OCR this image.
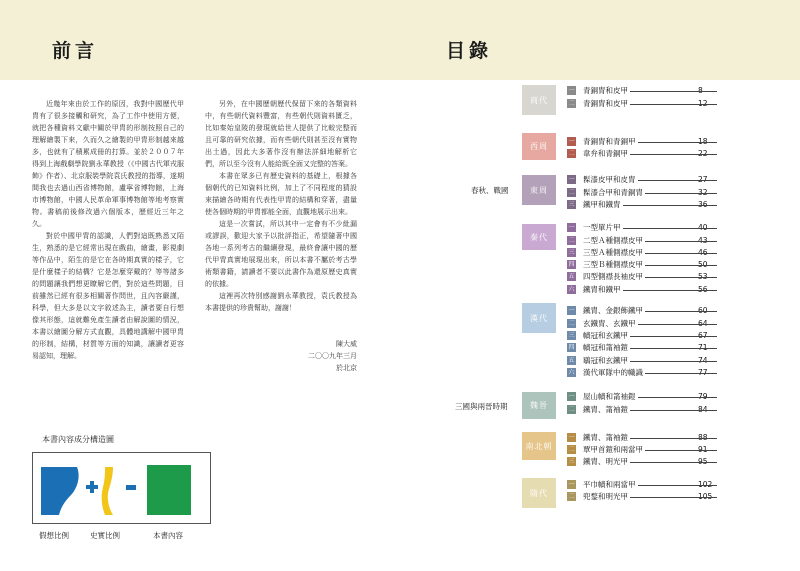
前言	目錄

近幾年來由於工作的原因，我對中國歷代甲胄有了很多接觸和研究，為了工作中使用方便，就把各種資料文獻中關於甲胄的形制按照自己的理解繪製下來，久而久之繪製的甲胄形制越來越多，也就有了積累成冊的打算。並於２００７年得到上海戲劇學院劉永華教授（《中國古代軍戎服飾》作者）、北京服裝學院袁氏教授的指導，遂期間我也去過山西省博物館，盧寧省博物館，上海市博物館，中國人民革命軍事博物館等地考察實物。書稿前後修改過六個版本，歷經近三年之久。

對於中國甲胄的認識，人們對這既熟悉又陌生，熟悉的是它經常出現在戲曲，繪畫，影視劇等作品中，陌生的是它在各時期真實的樣子，它是什麼樣子的結構？它是怎麼穿戴的？等等諸多的問題讓我們想更瞭解它們，對於這些問題，目前雖然已經有很多相關著作問世，且內容嚴謹，科學，但大多是以文字敘述為主，讀者要自行想像其形態，這就難免產生讀者由解說圖的情況，本書以繪圖分解方式直觀，具體地講解中國甲胄的形制，結構，材質等方面的知識，讓讀者更容易認知，理解。

另外，在中國歷朝歷代保留下來的各類資料中，有些朝代資料豐富，有些朝代則資料匱乏，比如秦始皇陵的發現就給世人提供了比較完整而且可靠的研究依據，而有些朝代則甚至沒有實物出土過，因此大多著作沒有辦法詳細地解析它們，所以至今沒有人能給既全面又完整的答案。

本書在眾多已有歷史資料的基礎上，根據各個朝代的已知資料比例，加上了不同程度的猜設來描繪各時期有代表性甲胄的結構和穿著，盡量使各個時期的甲胄都能全面，直觀地展示出來。

這是一次嘗試，所以其中一定會有不少紕漏或謬誤，歡迎大家予以批評指正，希望隨著中國各地一系列考古的繼續發現，最終會讓中國的歷代甲胄真實地展現出來，所以本書不屬於考古學術類書籍，請讀者不要以此書作為還原歷史真實的依據。

這裡再次特別感謝劉永華教授，袁氏教授為本書提供的珍貴幫助，謝謝！

陳大威
二〇〇九年三月
於北京
本書內容成分構造圖
假想比例	史實比例	本書內容
商代
西周
東周
秦代
漢代
魏晉
南北朝
隋代
春秋、戰國
三國與兩晉時期
一 青銅胄和皮甲	8
二 青銅胄和皮甲	12
一 青銅胄和青銅甲	18
二 韋弁和青銅甲	22
一 髹漆皮甲和皮胄	27
二 髹漆合甲和青銅胄	32
三 鐵甲和鐵胄	36
一 一型單片甲	40
二 二型Ａ種側襟皮甲	43
三 三型Ａ種側襟皮甲	46
四 三型Ｂ種側襟皮甲	50
五 四型側襟長袖皮甲	53
六 鐵胄和鐵甲	56
一 鐵胄、金銀飾鐵甲	60
二 玄鐵胄、玄鐵甲	64
三 幘冠和玄鐵甲	67
四 幘冠和筩袖鎧	71
五 鶡冠和玄鐵甲	74
六 漢代軍隊中的幟識	77
一 屋山幘和筩袖鎧	79
二 鐵胄、筩袖鎧	84
一 鐵胄、筩袖鎧	88
二 覃甲首鎧和兩當甲	91
三 鐵胄、明光甲	95
一 平巾幘和兩當甲	102
二 兜鍪和明光甲	105
